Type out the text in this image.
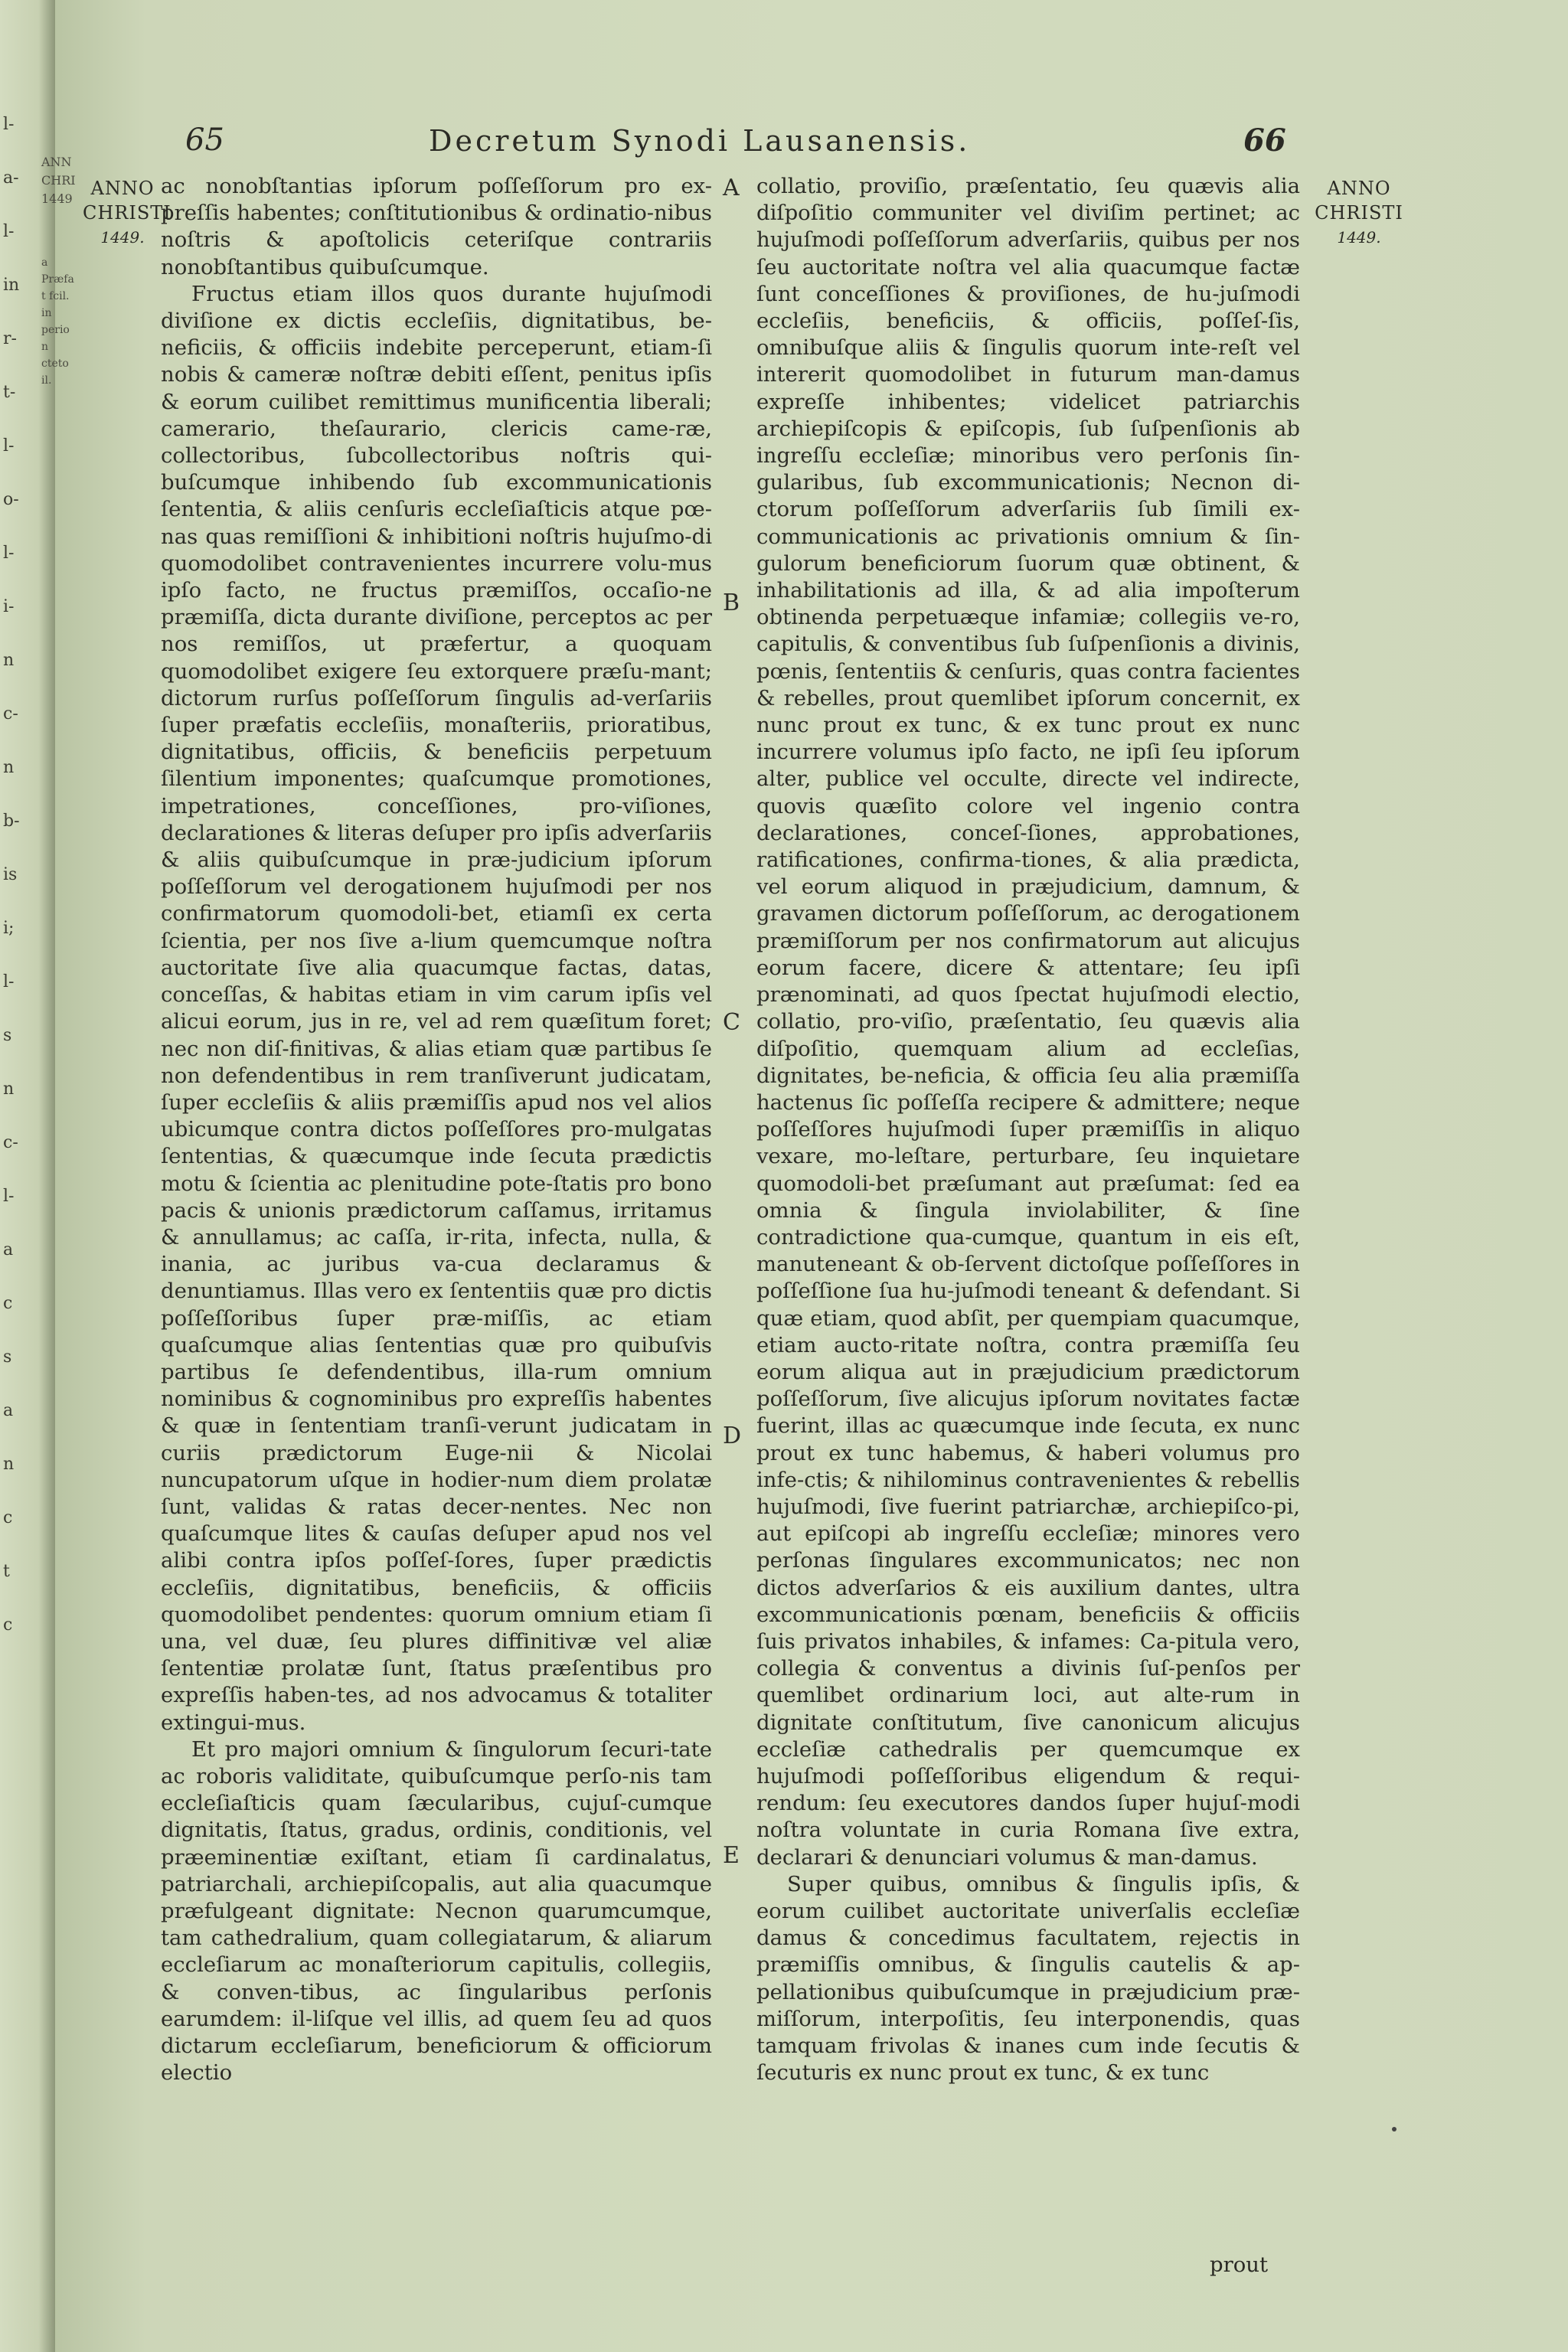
l-
a-
l-
in
r-
t-
l-
o-
l-
i-
n
c-
n
b-
is
i;
l-
s
n
c-
l-
a
c
s
a
n
c
t
c
ANN
CHRI
1449
a Præfat fcil. in perion cteto il.
65	Decretum Synodi Lausanensis.	66
ANNO
CHRISTI
1449.
ANNO
CHRISTI
1449.

ac nonobſtantias ipſorum poſſeſſorum pro ex-preſſis habentes; conſtitutionibus & ordinatio-nibus noſtris & apoſtolicis ceteriſque contrariis nonobſtantibus quibuſcumque.

Fructus etiam illos quos durante hujuſmodi diviſione ex dictis eccleſiis, dignitatibus, be-neficiis, & officiis indebite perceperunt, etiam-ſi nobis & cameræ noſtræ debiti eſſent, penitus ipſis & eorum cuilibet remittimus munificentia liberali; camerario, theſaurario, clericis came-ræ, collectoribus, ſubcollectoribus noſtris qui-buſcumque inhibendo ſub excommunicationis ſententia, & aliis cenſuris eccleſiaſticis atque pœ-nas quas remiſſioni & inhibitioni noſtris hujuſmo-di quomodolibet contravenientes incurrere volu-mus ipſo facto, ne fructus præmiſſos, occaſio-ne præmiſſa, dicta durante diviſione, perceptos ac per nos remiſſos, ut præfertur, a quoquam quomodolibet exigere ſeu extorquere præſu-mant; dictorum rurſus poſſeſſorum ſingulis ad-verſariis ſuper præfatis eccleſiis, monaſteriis, prioratibus, dignitatibus, officiis, & beneficiis perpetuum ſilentium imponentes; quaſcumque promotiones, impetrationes, conceſſiones, pro-viſiones, declarationes & literas deſuper pro ipſis adverſariis & aliis quibuſcumque in præ-judicium ipſorum poſſeſſorum vel derogationem hujuſmodi per nos confirmatorum quomodoli-bet, etiamſi ex certa ſcientia, per nos ſive a-lium quemcumque noſtra auctoritate ſive alia quacumque factas, datas, conceſſas, & habitas etiam in vim carum ipſis vel alicui eorum, jus in re, vel ad rem quæſitum foret; nec non diſ-finitivas, & alias etiam quæ partibus ſe non defendentibus in rem tranſiverunt judicatam, ſuper eccleſiis & aliis præmiſſis apud nos vel alios ubicumque contra dictos poſſeſſores pro-mulgatas ſententias, & quæcumque inde ſecuta prædictis motu & ſcientia ac plenitudine pote-ſtatis pro bono pacis & unionis prædictorum caſſamus, irritamus & annullamus; ac caſſa, ir-rita, infecta, nulla, & inania, ac juribus va-cua declaramus & denuntiamus. Illas vero ex ſententiis quæ pro dictis poſſeſſoribus ſuper præ-miſſis, ac etiam quaſcumque alias ſententias quæ pro quibuſvis partibus ſe defendentibus, illa-rum omnium nominibus & cognominibus pro expreſſis habentes & quæ in ſententiam tranſi-verunt judicatam in curiis prædictorum Euge-nii & Nicolai nuncupatorum uſque in hodier-num diem prolatæ ſunt, validas & ratas decer-nentes. Nec non quaſcumque lites & cauſas deſuper apud nos vel alibi contra ipſos poſſeſ-ſores, ſuper prædictis eccleſiis, dignitatibus, beneficiis, & officiis quomodolibet pendentes: quorum omnium etiam ſi una, vel duæ, ſeu plures diffinitivæ vel aliæ ſententiæ prolatæ ſunt, ſtatus præſentibus pro expreſſis haben-tes, ad nos advocamus & totaliter extingui-mus.

Et pro majori omnium & ſingulorum ſecuri-tate ac roboris validitate, quibuſcumque perſo-nis tam eccleſiaſticis quam ſæcularibus, cujuſ-cumque dignitatis, ſtatus, gradus, ordinis, conditionis, vel præeminentiæ exiſtant, etiam ſi cardinalatus, patriarchali, archiepiſcopalis, aut alia quacumque præfulgeant dignitate: Necnon quarumcumque, tam cathedralium, quam collegiatarum, & aliarum eccleſiarum ac monaſteriorum capitulis, collegiis, & conven-tibus, ac ſingularibus perſonis earumdem: il-liſque vel illis, ad quem ſeu ad quos dictarum eccleſiarum, beneficiorum & officiorum electio

A
B
C
D
E

collatio, proviſio, præſentatio, ſeu quævis alia diſpoſitio communiter vel diviſim pertinet; ac hujuſmodi poſſeſſorum adverſariis, quibus per nos ſeu auctoritate noſtra vel alia quacumque factæ ſunt conceſſiones & proviſiones, de hu-juſmodi eccleſiis, beneficiis, & officiis, poſſeſ-ſis, omnibuſque aliis & ſingulis quorum inte-reſt vel intererit quomodolibet in futurum man-damus expreſſe inhibentes; videlicet patriarchis archiepiſcopis & epiſcopis, ſub ſuſpenſionis ab ingreſſu eccleſiæ; minoribus vero perſonis ſin-gularibus, ſub excommunicationis; Necnon di-ctorum poſſeſſorum adverſariis ſub ſimili ex-communicationis ac privationis omnium & ſin-gulorum beneficiorum ſuorum quæ obtinent, & inhabilitationis ad illa, & ad alia impoſterum obtinenda perpetuæque infamiæ; collegiis ve-ro, capitulis, & conventibus ſub ſuſpenſionis a divinis, pœnis, ſententiis & cenſuris, quas contra facientes & rebelles, prout quemlibet ipſorum concernit, ex nunc prout ex tunc, & ex tunc prout ex nunc incurrere volumus ipſo facto, ne ipſi ſeu ipſorum alter, publice vel occulte, directe vel indirecte, quovis quæſito colore vel ingenio contra declarationes, conceſ-ſiones, approbationes, ratificationes, confirma-tiones, & alia prædicta, vel eorum aliquod in præjudicium, damnum, & gravamen dictorum poſſeſſorum, ac derogationem præmiſſorum per nos confirmatorum aut alicujus eorum facere, dicere & attentare; ſeu ipſi prænominati, ad quos ſpectat hujuſmodi electio, collatio, pro-viſio, præſentatio, ſeu quævis alia diſpoſitio, quemquam alium ad eccleſias, dignitates, be-neficia, & officia ſeu alia præmiſſa hactenus ſic poſſeſſa recipere & admittere; neque poſſeſſores hujuſmodi ſuper præmiſſis in aliquo vexare, mo-leſtare, perturbare, ſeu inquietare quomodoli-bet præſumant aut præſumat: ſed ea omnia & ſingula inviolabiliter, & ſine contradictione qua-cumque, quantum in eis eſt, manuteneant & ob-ſervent dictoſque poſſeſſores in poſſeſſione ſua hu-juſmodi teneant & defendant. Si quæ etiam, quod abſit, per quempiam quacumque, etiam aucto-ritate noſtra, contra præmiſſa ſeu eorum aliqua aut in præjudicium prædictorum poſſeſſorum, ſive alicujus ipſorum novitates factæ fuerint, illas ac quæcumque inde ſecuta, ex nunc prout ex tunc habemus, & haberi volumus pro infe-ctis; & nihilominus contravenientes & rebellis hujuſmodi, ſive fuerint patriarchæ, archiepiſco-pi, aut epiſcopi ab ingreſſu eccleſiæ; minores vero perſonas ſingulares excommunicatos; nec non dictos adverſarios & eis auxilium dantes, ultra excommunicationis pœnam, beneficiis & officiis ſuis privatos inhabiles, & infames: Ca-pitula vero, collegia & conventus a divinis ſuſ-penſos per quemlibet ordinarium loci, aut alte-rum in dignitate conſtitutum, ſive canonicum alicujus eccleſiæ cathedralis per quemcumque ex hujuſmodi poſſeſſoribus eligendum & requi-rendum: ſeu executores dandos ſuper hujuſ-modi noſtra voluntate in curia Romana ſive extra, declarari & denunciari volumus & man-damus.

Super quibus, omnibus & ſingulis ipſis, & eorum cuilibet auctoritate univerſalis eccleſiæ damus & concedimus facultatem, rejectis in præmiſſis omnibus, & ſingulis cautelis & ap-pellationibus quibuſcumque in præjudicium præ-miſſorum, interpoſitis, ſeu interponendis, quas tamquam frivolas & inanes cum inde ſecutis & ſecuturis ex nunc prout ex tunc, & ex tunc

prout
